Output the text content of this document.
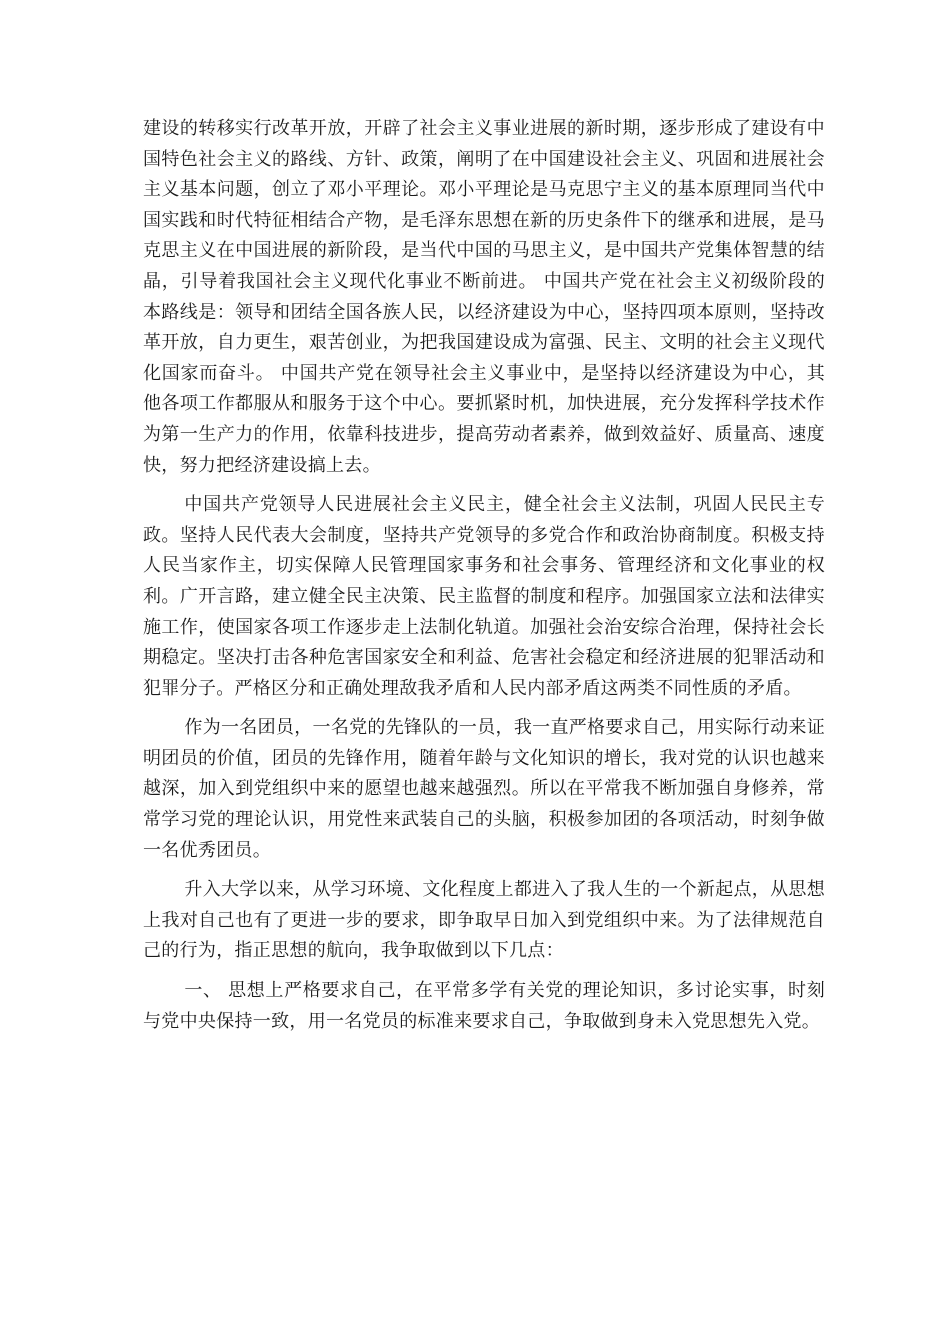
建设的转移实行改革开放，开辟了社会主义事业进展的新时期，逐步形成了建设有中国特色社会主义的路线、方针、政策，阐明了在中国建设社会主义、巩固和进展社会主义基本问题，创立了邓小平理论。邓小平理论是马克思宁主义的基本原理同当代中国实践和时代特征相结合产物，是毛泽东思想在新的历史条件下的继承和进展，是马克思主义在中国进展的新阶段，是当代中国的马思主义，是中国共产党集体智慧的结晶，引导着我国社会主义现代化事业不断前进。 中国共产党在社会主义初级阶段的本路线是：领导和团结全国各族人民，以经济建设为中心，坚持四项本原则，坚持改革开放，自力更生，艰苦创业，为把我国建设成为富强、民主、文明的社会主义现代化国家而奋斗。 中国共产党在领导社会主义事业中，是坚持以经济建设为中心，其他各项工作都服从和服务于这个中心。要抓紧时机，加快进展，充分发挥科学技术作为第一生产力的作用，依靠科技进步，提高劳动者素养，做到效益好、质量高、速度快，努力把经济建设搞上去。

中国共产党领导人民进展社会主义民主，健全社会主义法制，巩固人民民主专政。坚持人民代表大会制度，坚持共产党领导的多党合作和政治协商制度。积极支持人民当家作主，切实保障人民管理国家事务和社会事务、管理经济和文化事业的权利。广开言路，建立健全民主决策、民主监督的制度和程序。加强国家立法和法律实施工作，使国家各项工作逐步走上法制化轨道。加强社会治安综合治理，保持社会长期稳定。坚决打击各种危害国家安全和利益、危害社会稳定和经济进展的犯罪活动和犯罪分子。严格区分和正确处理敌我矛盾和人民内部矛盾这两类不同性质的矛盾。

作为一名团员，一名党的先锋队的一员，我一直严格要求自己，用实际行动来证明团员的价值，团员的先锋作用，随着年龄与文化知识的增长，我对党的认识也越来越深，加入到党组织中来的愿望也越来越强烈。所以在平常我不断加强自身修养，常常学习党的理论认识，用党性来武装自己的头脑，积极参加团的各项活动，时刻争做一名优秀团员。

升入大学以来，从学习环境、文化程度上都进入了我人生的一个新起点，从思想上我对自己也有了更进一步的要求，即争取早日加入到党组织中来。为了法律规范自己的行为，指正思想的航向，我争取做到以下几点：

一、 思想上严格要求自己，在平常多学有关党的理论知识，多讨论实事，时刻与党中央保持一致，用一名党员的标准来要求自己，争取做到身未入党思想先入党。
